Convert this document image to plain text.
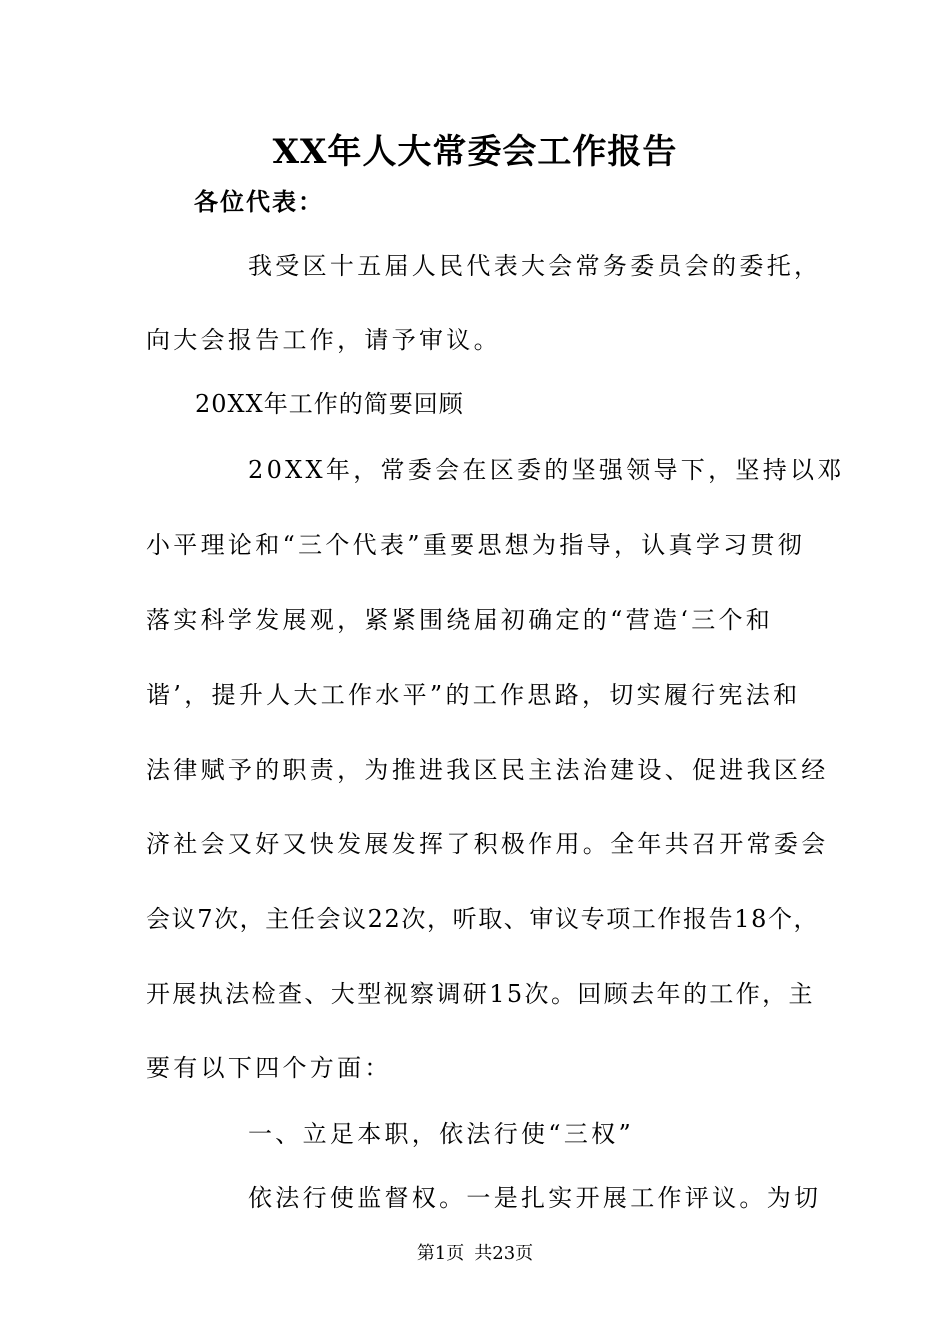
XX年人大常委会工作报告
各位代表：
我受区十五届人民代表大会常务委员会的委托，
向大会报告工作，请予审议。
20XX年工作的简要回顾
20XX年，常委会在区委的坚强领导下，坚持以邓
小平理论和“三个代表”重要思想为指导，认真学习贯彻
落实科学发展观，紧紧围绕届初确定的“营造‘三个和
谐’，提升人大工作水平”的工作思路，切实履行宪法和
法律赋予的职责，为推进我区民主法治建设、促进我区经
济社会又好又快发展发挥了积极作用。全年共召开常委会
会议7次，主任会议22次，听取、审议专项工作报告18个，
开展执法检查、大型视察调研15次。回顾去年的工作，主
要有以下四个方面：
一、立足本职，依法行使“三权”
依法行使监督权。一是扎实开展工作评议。为切
第1页 共23页
